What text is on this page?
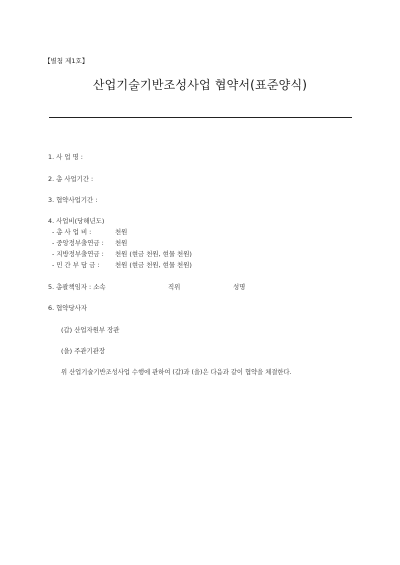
【별첨 제1호】
산업기술기반조성사업 협약서(표준양식)
1. 사 업 명 :
2. 총 사업기간 :
3. 협약사업기간 :
4. 사업비(당해년도)
- 총 사 업 비 :	천원
- 중앙정부출연금 : 천원
- 지방정부출연금 : 천원 (현금 천원, 현물 천원)
- 민 간 부 담 금 : 천원 (현금 천원, 현물 천원)
5. 총괄책임자 : 소속	직위	성명
6. 협약당사자
(갑) 산업자원부 장관
(을) 주관기관장
위 산업기술기반조성사업 수행에 관하여 (갑)과 (을)은 다음과 같이 협약을 체결한다.
